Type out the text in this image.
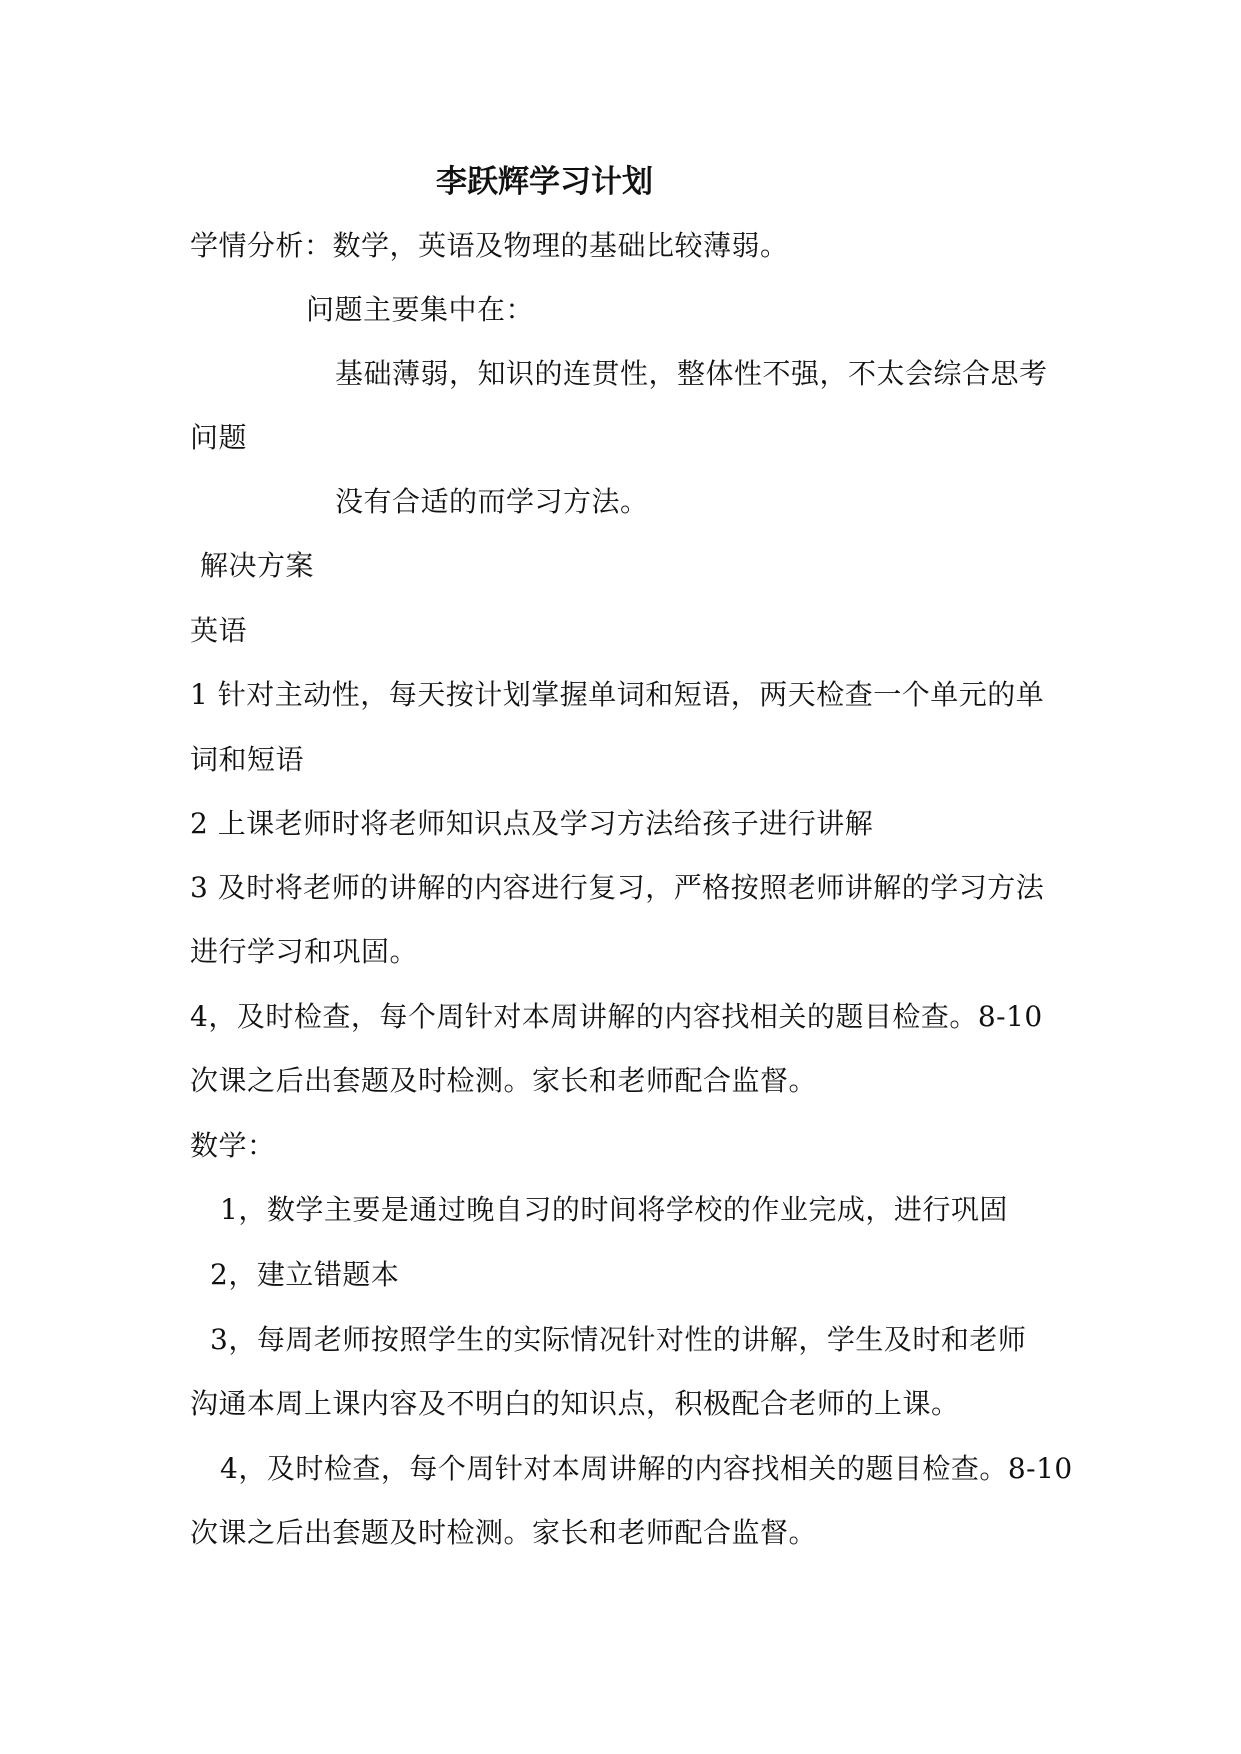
李跃辉学习计划
学情分析：数学，英语及物理的基础比较薄弱。
问题主要集中在：
基础薄弱，知识的连贯性，整体性不强，不太会综合思考
问题
没有合适的而学习方法。
解决方案
英语
1 针对主动性，每天按计划掌握单词和短语，两天检查一个单元的单
词和短语
2 上课老师时将老师知识点及学习方法给孩子进行讲解
3 及时将老师的讲解的内容进行复习，严格按照老师讲解的学习方法
进行学习和巩固。
4，及时检查，每个周针对本周讲解的内容找相关的题目检查。8-10
次课之后出套题及时检测。家长和老师配合监督。
数学：
1，数学主要是通过晚自习的时间将学校的作业完成，进行巩固
2，建立错题本
3，每周老师按照学生的实际情况针对性的讲解，学生及时和老师
沟通本周上课内容及不明白的知识点，积极配合老师的上课。
4，及时检查，每个周针对本周讲解的内容找相关的题目检查。8-10
次课之后出套题及时检测。家长和老师配合监督。
